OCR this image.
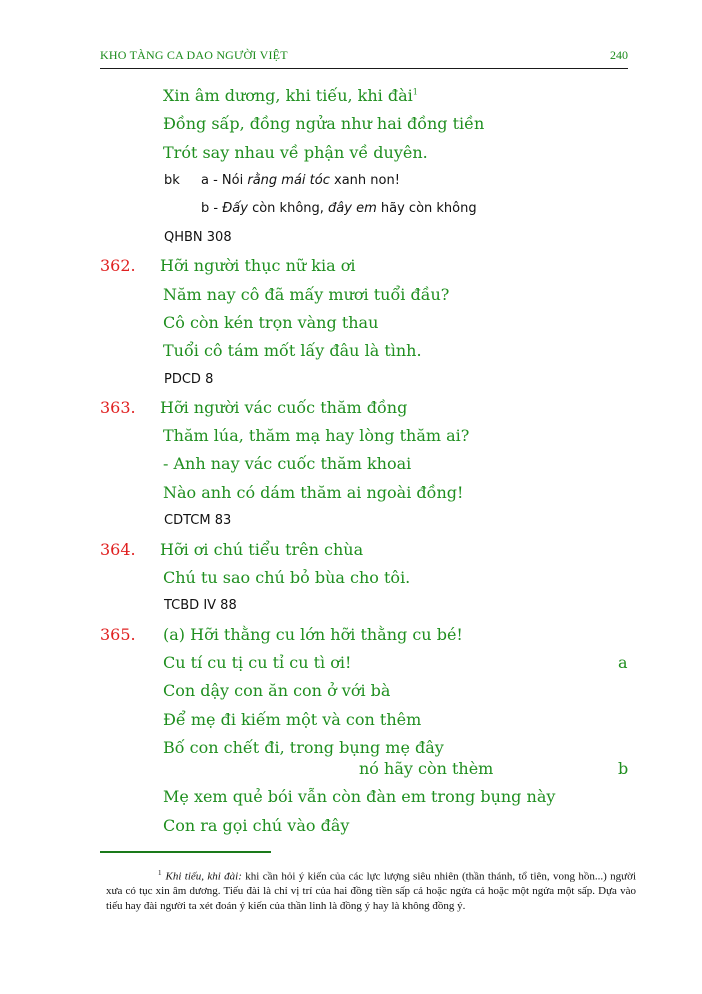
KHO TÀNG CA DAO NGƯỜI VIỆT	240
Xin âm dương, khi tiếu, khi đài$^1$
Đồng sấp, đồng ngửa như hai đồng tiền
Trót say nhau về phận về duyên.
bk a - Nói rằng mái tóc xanh non!
b - Đấy còn không, đây em hãy còn không
QHBN 308
362. Hỡi người thục nữ kia ơi
Năm nay cô đã mấy mươi tuổi đầu?
Cô còn kén trọn vàng thau
Tuổi cô tám mốt lấy đâu là tình.
PDCD 8
363. Hỡi người vác cuốc thăm đồng
Thăm lúa, thăm mạ hay lòng thăm ai?
- Anh nay vác cuốc thăm khoai
Nào anh có dám thăm ai ngoài đồng!
CDTCM 83
364. Hỡi ơi chú tiểu trên chùa
Chú tu sao chú bỏ bùa cho tôi.
TCBD IV 88
365. (a) Hỡi thằng cu lớn hỡi thằng cu bé!
Cu tí cu tị cu tỉ cu tì ơi!	a
Con dậy con ăn con ở với bà
Để mẹ đi kiếm một và con thêm
Bố con chết đi, trong bụng mẹ đây
nó hãy còn thèm	b
Mẹ xem quẻ bói vẫn còn đàn em trong bụng này
Con ra gọi chú vào đây
$^1$ Khi tiếu, khi đài: khi cần hỏi ý kiến của các lực lượng siêu nhiên (thần thánh, tổ tiên, vong hồn...) người xưa có tục xin âm dương. Tiếu đài là chỉ vị trí của hai đồng tiền sấp cả hoặc ngửa cả hoặc một ngửa một sấp. Dựa vào tiếu hay đài người ta xét đoán ý kiến của thần linh là đồng ý hay là không đồng ý.
